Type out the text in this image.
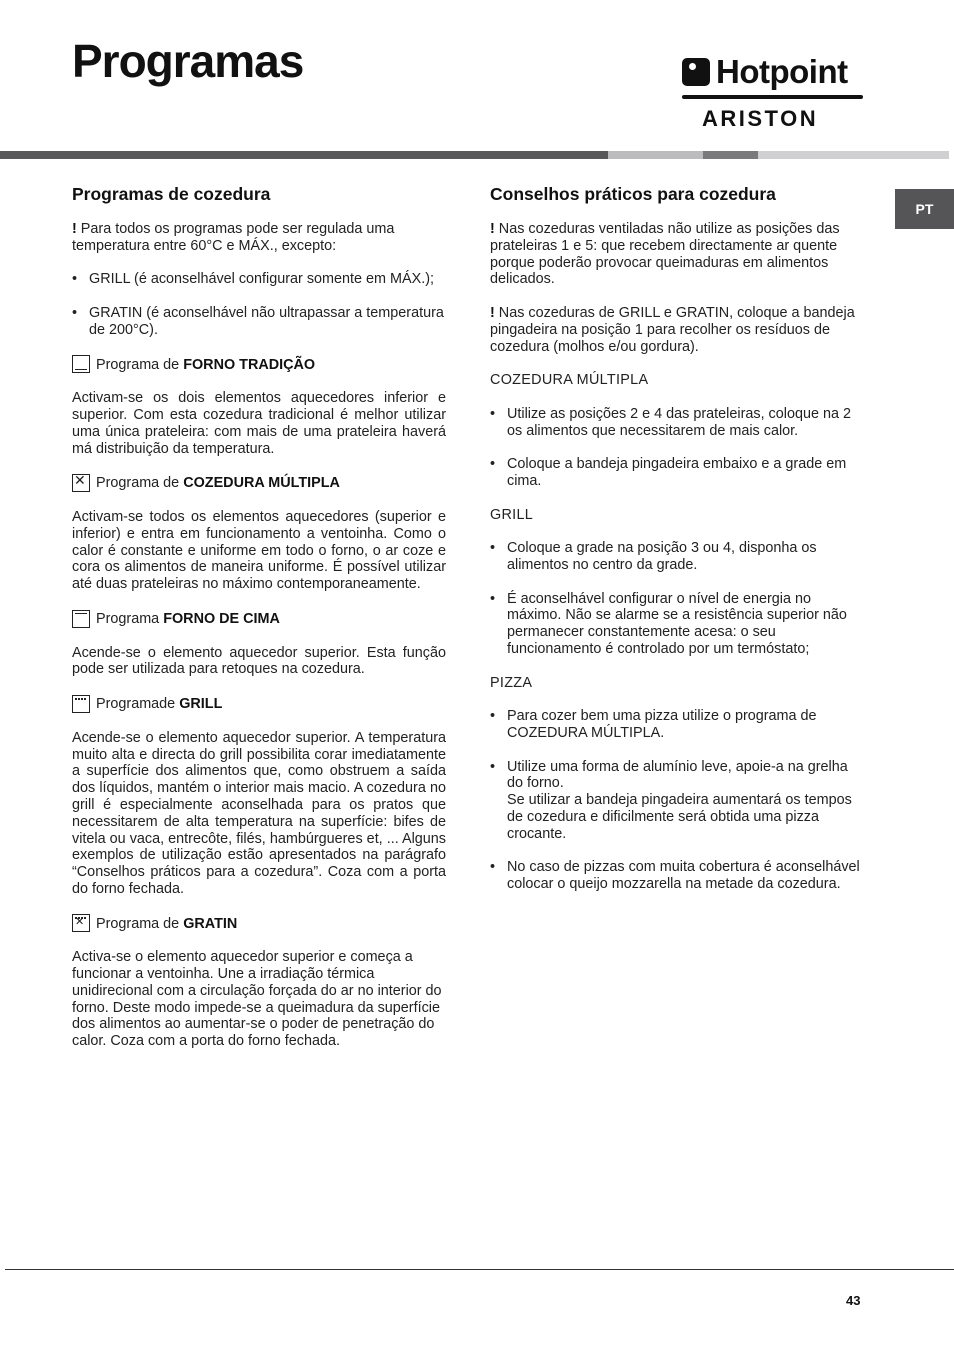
Programas	Hotpoint
ARISTON
PT
Programas de cozedura

! Para todos os programas pode ser regulada uma temperatura entre 60°C e MÁX., excepto:

• GRILL (é aconselhável configurar somente em MÁX.);
• GRATIN (é aconselhável não ultrapassar a temperatura de 200°C).
Programa de
FORNO TRADIÇÃO

Activam-se os dois elementos aquecedores inferior e superior. Com esta cozedura tradicional é melhor utilizar uma única prateleira: com mais de uma prateleira haverá má distribuição da temperatura.

✕
Programa de
COZEDURA MÚLTIPLA

Activam-se todos os elementos aquecedores (superior e inferior) e entra em funcionamento a ventoinha. Como o calor é constante e uniforme em todo o forno, o ar coze e cora os alimentos de maneira uniforme. É possível utilizar até duas prateleiras no máximo contemporaneamente.

Programa
FORNO DE CIMA

Acende-se o elemento aquecedor superior. Esta função pode ser utilizada para retoques na cozedura.

Programade
GRILL

Acende-se o elemento aquecedor superior. A temperatura muito alta e directa do grill possibilita corar imediatamente a superfície dos alimentos que, como obstruem a saída dos líquidos, mantém o interior mais macio. A cozedura no grill é especialmente aconselhada para os pratos que necessitarem de alta temperatura na superfície: bifes de vitela ou vaca, entrecôte, filés, hambúrgueres et, ... Alguns exemplos de utilização estão apresentados na parágrafo “Conselhos práticos para a cozedura”. Coza com a porta do forno fechada.

✕
Programa de
GRATIN

Activa-se o elemento aquecedor superior e começa a funcionar a ventoinha. Une a irradiação térmica unidirecional com a circulação forçada do ar no interior do forno. Deste modo impede-se a queimadura da superfície dos alimentos ao aumentar-se o poder de penetração do calor. Coza com a porta do forno fechada.

Conselhos práticos para cozedura

! Nas cozeduras ventiladas não utilize as posições das prateleiras 1 e 5: que recebem directamente ar quente porque poderão provocar queimaduras em alimentos delicados.

! Nas cozeduras de GRILL e GRATIN, coloque a bandeja pingadeira na posição 1 para recolher os resíduos de cozedura (molhos e/ou gordura).

COZEDURA MÚLTIPLA

• Utilize as posições 2 e 4 das prateleiras, coloque na 2 os alimentos que necessitarem de mais calor.
• Coloque a bandeja pingadeira embaixo e a grade em cima.

GRILL

• Coloque a grade na posição 3 ou 4, disponha os alimentos no centro da grade.
• É aconselhável configurar o nível de energia no máximo. Não se alarme se a resistência superior não permanecer constantemente acesa: o seu funcionamento é controlado por um termóstato;

PIZZA

• Para cozer bem uma pizza utilize o programa de COZEDURA MÚLTIPLA.
• Utilize uma forma de alumínio leve, apoie-a na grelha do forno.
Se utilizar a bandeja pingadeira aumentará os tempos de cozedura e dificilmente será obtida uma pizza crocante.
• No caso de pizzas com muita cobertura é aconselhável colocar o queijo mozzarella na metade da cozedura.
43
